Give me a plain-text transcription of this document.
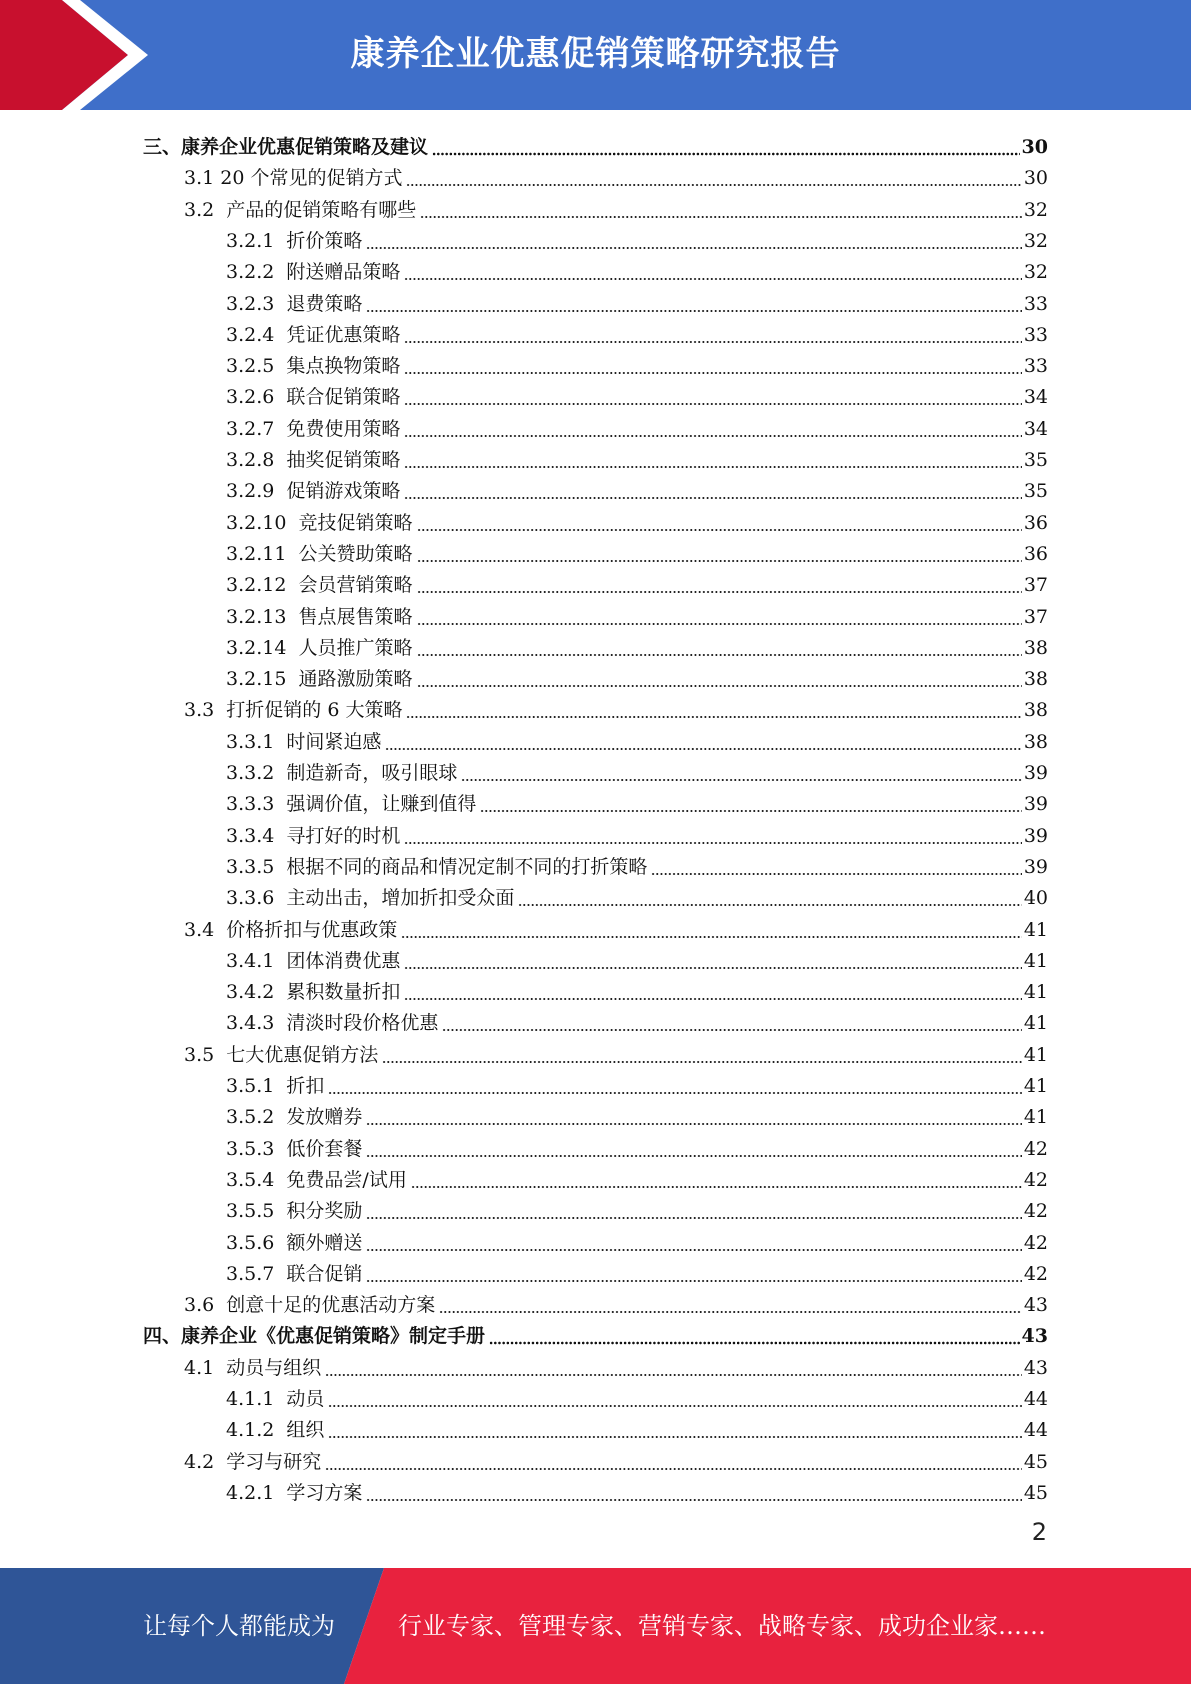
康养企业优惠促销策略研究报告
三、康养企业优惠促销策略及建议	30
3.1 20 个常见的促销方式	30
3.2  产品的促销策略有哪些	32
3.2.1  折价策略	32
3.2.2  附送赠品策略	32
3.2.3  退费策略	33
3.2.4  凭证优惠策略	33
3.2.5  集点换物策略	33
3.2.6  联合促销策略	34
3.2.7  免费使用策略	34
3.2.8  抽奖促销策略	35
3.2.9  促销游戏策略	35
3.2.10  竞技促销策略	36
3.2.11  公关赞助策略	36
3.2.12  会员营销策略	37
3.2.13  售点展售策略	37
3.2.14  人员推广策略	38
3.2.15  通路激励策略	38
3.3  打折促销的 6 大策略	38
3.3.1  时间紧迫感	38
3.3.2  制造新奇，吸引眼球	39
3.3.3  强调价值，让赚到值得	39
3.3.4  寻打好的时机	39
3.3.5  根据不同的商品和情况定制不同的打折策略	39
3.3.6  主动出击，增加折扣受众面	40
3.4  价格折扣与优惠政策	41
3.4.1  团体消费优惠	41
3.4.2  累积数量折扣	41
3.4.3  清淡时段价格优惠	41
3.5  七大优惠促销方法	41
3.5.1  折扣	41
3.5.2  发放赠券	41
3.5.3  低价套餐	42
3.5.4  免费品尝/试用	42
3.5.5  积分奖励	42
3.5.6  额外赠送	42
3.5.7  联合促销	42
3.6  创意十足的优惠活动方案	43
四、康养企业《优惠促销策略》制定手册	43
4.1  动员与组织	43
4.1.1  动员	44
4.1.2  组织	44
4.2  学习与研究	45
4.2.1  学习方案	45
2
让每个人都能成为	行业专家、管理专家、营销专家、战略专家、成功企业家……
